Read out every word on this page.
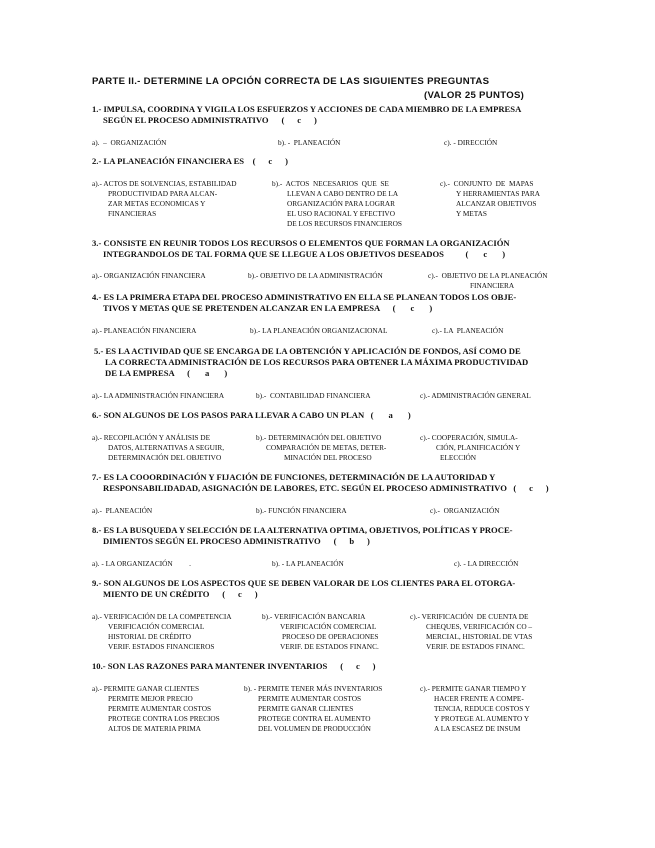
PARTE II.- DETERMINE LA OPCIÓN CORRECTA DE LAS SIGUIENTES PREGUNTAS
(VALOR 25 PUNTOS)
1.- IMPULSA, COORDINA Y VIGILA LOS ESFUERZOS Y ACCIONES DE CADA MIEMBRO DE LA EMPRESA
SEGÚN EL PROCESO ADMINISTRATIVO      (      c      )
a).  –  ORGANIZACIÓN	b). -  PLANEACIÓN	c). - DIRECCIÓN
2.- LA PLANEACIÓN FINANCIERA ES    (      c      )
a).- ACTOS DE SOLVENCIAS, ESTABILIDAD
PRODUCTIVIDAD PARA ALCAN-
ZAR METAS ECONOMICAS Y
FINANCIERAS
b).-  ACTOS  NECESARIOS  QUE  SE
LLEVAN A CABO DENTRO DE LA
ORGANIZACIÓN PARA LOGRAR
EL USO RACIONAL Y EFECTIVO
DE LOS RECURSOS FINANCIEROS
c).-  CONJUNTO  DE  MAPAS
Y HERRAMIENTAS PARA
ALCANZAR OBJETIVOS
Y METAS
3.- CONSISTE EN REUNIR TODOS LOS RECURSOS O ELEMENTOS QUE FORMAN LA ORGANIZACIÓN
INTEGRANDOLOS DE TAL FORMA QUE SE LLEGUE A LOS OBJETIVOS DESEADOS          (       c       )
a).- ORGANIZACIÓN FINANCIERA	b).- OBJETIVO DE LA ADMINISTRACIÓN	c).-  OBJETIVO DE LA PLANEACIÓN
FINANCIERA
4.- ES LA PRIMERA ETAPA DEL PROCESO ADMINISTRATIVO EN ELLA SE PLANEAN TODOS LOS OBJE-
TIVOS Y METAS QUE SE PRETENDEN ALCANZAR EN LA EMPRESA      (       c       )
a).- PLANEACIÓN FINANCIERA	b).- LA PLANEACIÓN ORGANIZACIONAL	c).- LA  PLANEACIÓN
5.- ES LA ACTIVIDAD QUE SE ENCARGA DE LA OBTENCIÓN Y APLICACIÓN DE FONDOS, ASÍ COMO DE
LA CORRECTA ADMINISTRACIÓN DE LOS RECURSOS PARA OBTENER LA MÁXIMA PRODUCTIVIDAD
DE LA EMPRESA      (       a       )
a).- LA ADMINISTRACIÓN FINANCIERA	b).-  CONTABILIDAD FINANCIERA	c).- ADMINISTRACIÓN GENERAL
6.- SON ALGUNOS DE LOS PASOS PARA LLEVAR A CABO UN PLAN   (       a       )
a).- RECOPILACIÓN Y ANÁLISIS DE
DATOS, ALTERNATIVAS A SEGUIR,
DETERMINACIÓN DEL OBJETIVO
b).- DETERMINACIÓN DEL OBJETIVO
COMPARACIÓN DE METAS, DETER-
MINACIÓN DEL PROCESO
c).- COOPERACIÓN, SIMULA-
CIÓN, PLANIFICACIÓN Y
ELECCIÓN
7.- ES LA COOORDINACIÓN Y FIJACIÓN DE FUNCIONES, DETERMINACIÓN DE LA AUTORIDAD Y
RESPONSABILIDADAD, ASIGNACIÓN DE LABORES, ETC. SEGÚN EL PROCESO ADMINISTRATIVO   (      c      )
a).-  PLANEACIÓN	b).- FUNCIÓN FINANCIERA	c).-  ORGANIZACIÓN
8.- ES LA BUSQUEDA Y SELECCIÓN DE LA ALTERNATIVA OPTIMA, OBJETIVOS, POLÍTICAS Y PROCE-
DIMIENTOS SEGÚN EL PROCESO ADMINISTRATIVO      (      b      )
a). - LA ORGANIZACIÓN         .	b). - LA PLANEACIÓN	c). - LA DIRECCIÓN
9.- SON ALGUNOS DE LOS ASPECTOS QUE SE DEBEN VALORAR DE LOS CLIENTES PARA EL OTORGA-
MIENTO DE UN CRÉDITO      (      c      )
a).- VERIFICACIÓN DE LA COMPETENCIA
VERIFICACIÓN COMERCIAL
HISTORIAL DE CRÉDITO
VERIF. ESTADOS FINANCIEROS
b).- VERIFICACIÓN BANCARIA
VERIFICACIÓN COMERCIAL
PROCESO DE OPERACIONES
VERIF. DE ESTADOS FINANC.
c).- VERIFICACIÓN  DE CUENTA DE
CHEQUES, VERIFICACIÓN CO –
MERCIAL, HISTORIAL DE VTAS
VERIF. DE ESTADOS FINANC.
10.- SON LAS RAZONES PARA MANTENER INVENTARIOS      (      c      )
a).- PERMITE GANAR CLIENTES
PERMITE MEJOR PRECIO
PERMITE AUMENTAR COSTOS
PROTEGE CONTRA LOS PRECIOS
ALTOS DE MATERIA PRIMA
b). - PERMITE TENER MÁS INVENTARIOS
PERMITE AUMENTAR COSTOS
PERMITE GANAR CLIENTES
PROTEGE CONTRA EL AUMENTO
DEL VOLUMEN DE PRODUCCIÓN
c).- PERMITE GANAR TIEMPO Y
HACER FRENTE A COMPE-
TENCIA, REDUCE COSTOS Y
Y PROTEGE AL AUMENTO Y
A LA ESCASEZ DE INSUM
